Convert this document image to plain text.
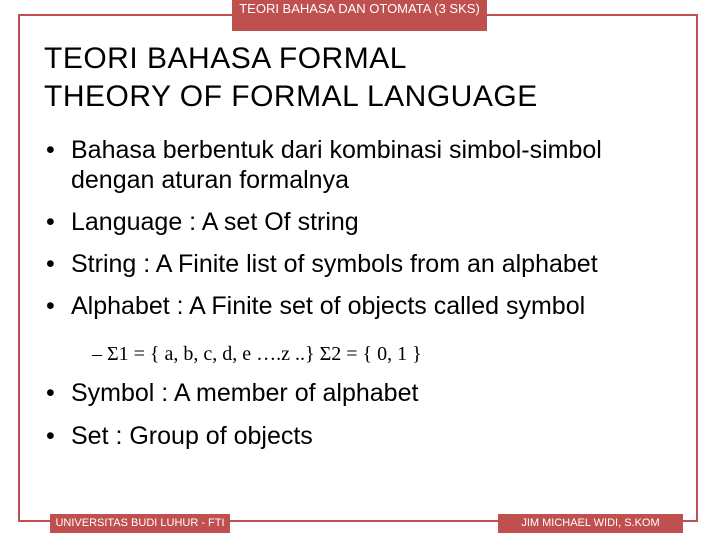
TEORI BAHASA DAN OTOMATA (3 SKS)
TEORI BAHASA FORMAL
THEORY OF FORMAL LANGUAGE
• Bahasa berbentuk dari kombinasi simbol-simbol dengan aturan formalnya
• Language : A set Of string
• String : A Finite list of symbols from an alphabet
• Alphabet : A Finite set of objects called symbol
– Σ1 = { a, b, c, d, e ….z ..} Σ2 = { 0, 1 }
• Symbol : A member of alphabet
• Set : Group of objects
UNIVERSITAS BUDI LUHUR - FTI	JIM MICHAEL WIDI, S.KOM
